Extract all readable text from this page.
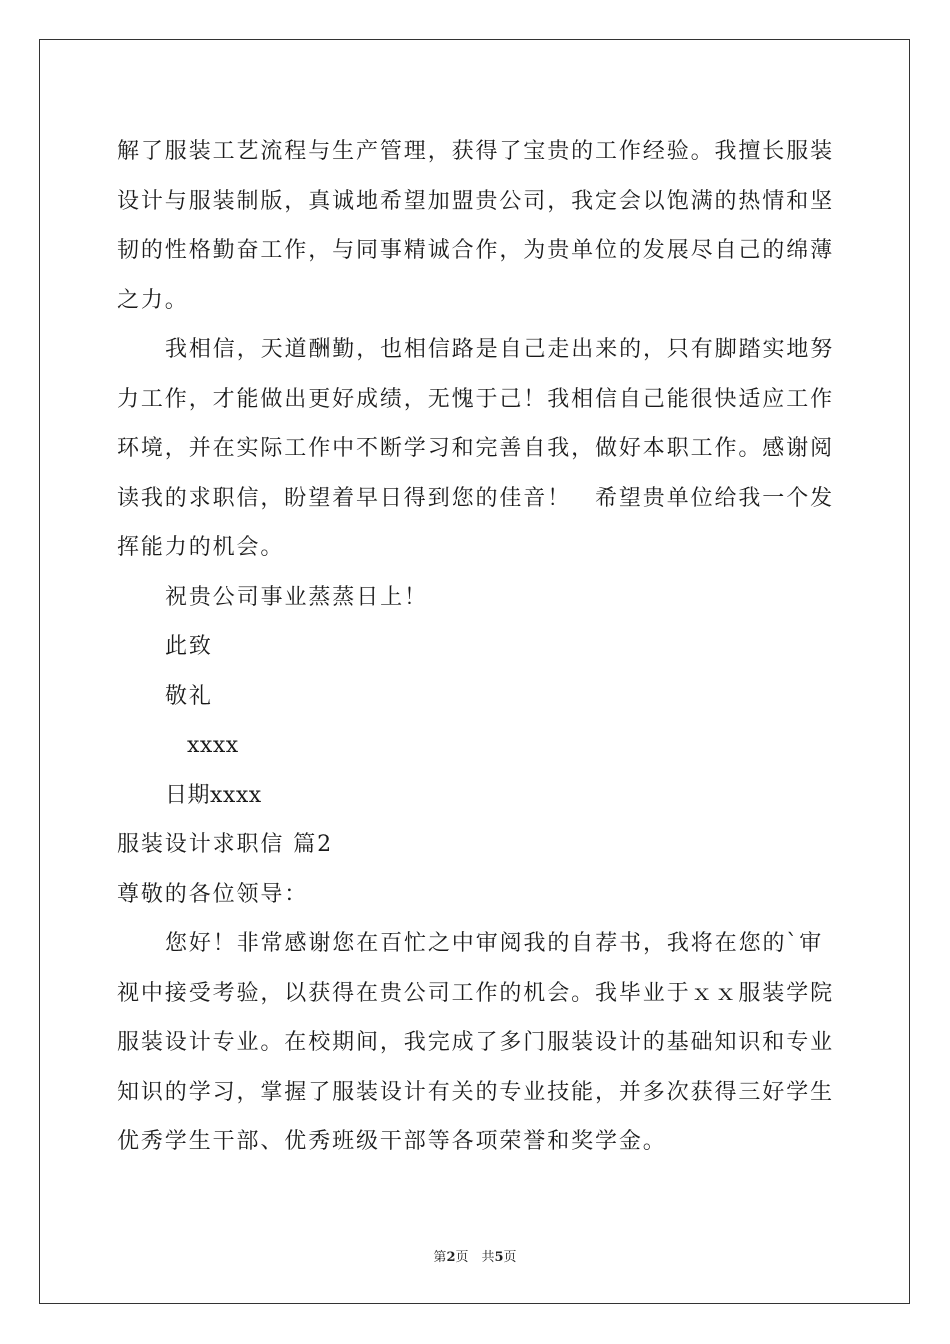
解了服装工艺流程与生产管理，获得了宝贵的工作经验。我擅长服装
设计与服装制版，真诚地希望加盟贵公司，我定会以饱满的热情和坚
韧的性格勤奋工作，与同事精诚合作，为贵单位的发展尽自己的绵薄
之力。
我相信，天道酬勤，也相信路是自己走出来的，只有脚踏实地努
力工作，才能做出更好成绩，无愧于己！我相信自己能很快适应工作
环境，并在实际工作中不断学习和完善自我，做好本职工作。感谢阅
读我的求职信，盼望着早日得到您的佳音！　希望贵单位给我一个发
挥能力的机会。
祝贵公司事业蒸蒸日上！
此致
敬礼
xxxx
日期xxxx
服装设计求职信 篇2
尊敬的各位领导：
您好！非常感谢您在百忙之中审阅我的自荐书，我将在您的`审
视中接受考验，以获得在贵公司工作的机会。我毕业于ｘｘ服装学院
服装设计专业。在校期间，我完成了多门服装设计的基础知识和专业
知识的学习，掌握了服装设计有关的专业技能，并多次获得三好学生
优秀学生干部、优秀班级干部等各项荣誉和奖学金。
第2页　共5页
